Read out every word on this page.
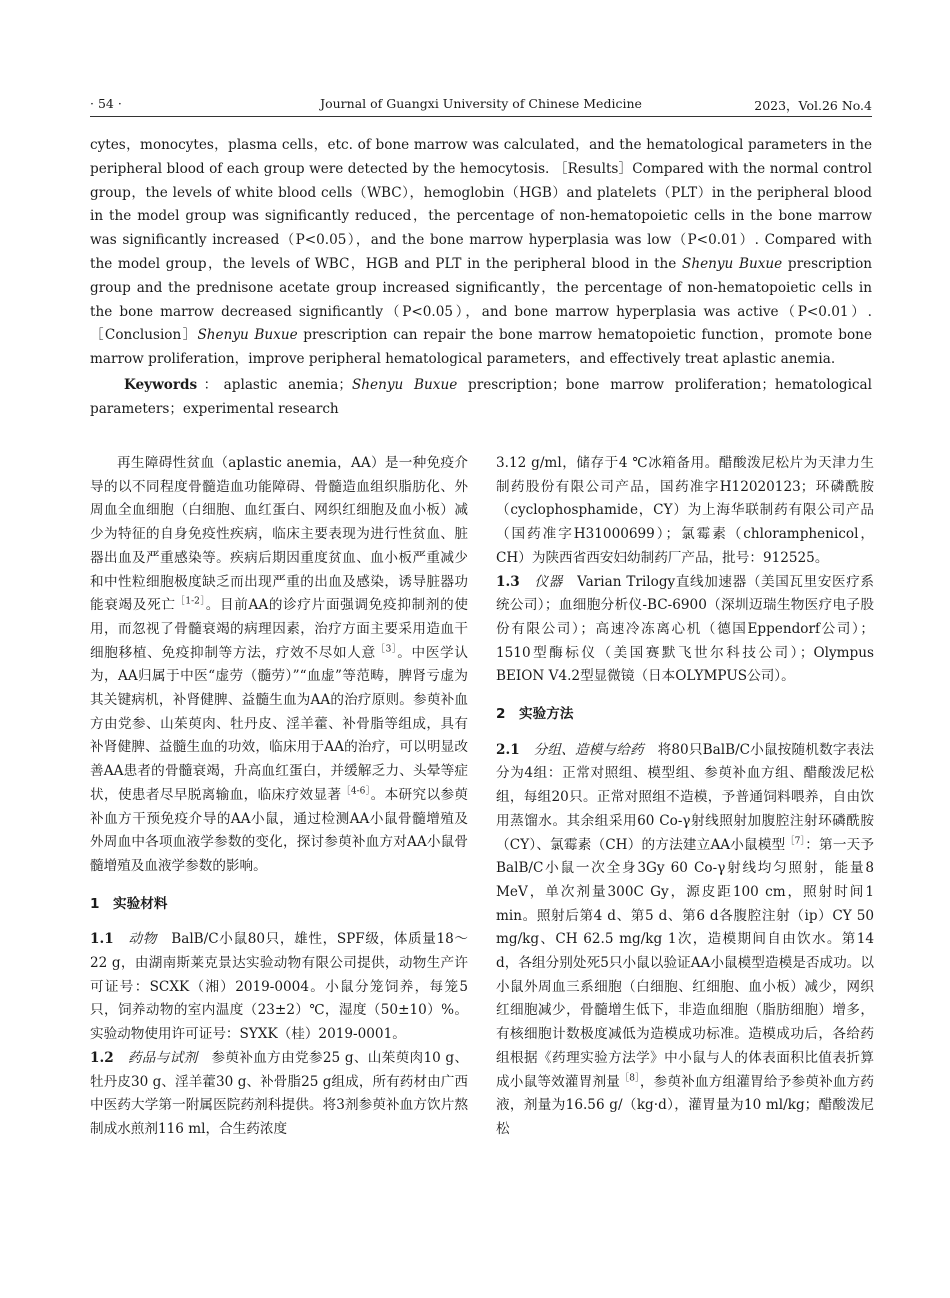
· 54 ·	Journal of Guangxi University of Chinese Medicine	2023，Vol.26 No.4

cytes，monocytes，plasma cells，etc. of bone marrow was calculated，and the hematological parameters in the peripheral blood of each group were detected by the hemocytosis. ［Results］Compared with the normal control group，the levels of white blood cells（WBC），hemoglobin（HGB）and platelets（PLT）in the peripheral blood in the model group was significantly reduced，the percentage of non-hematopoietic cells in the bone marrow was significantly increased（P<0.05），and the bone marrow hyperplasia was low（P<0.01）. Compared with the model group，the levels of WBC，HGB and PLT in the peripheral blood in the Shenyu Buxue prescription group and the prednisone acetate group increased significantly，the percentage of non-hematopoietic cells in the bone marrow decreased significantly（P<0.05），and bone marrow hyperplasia was active（P<0.01）.［Conclusion］Shenyu Buxue prescription can repair the bone marrow hematopoietic function，promote bone marrow proliferation，improve peripheral hematological parameters，and effectively treat aplastic anemia.

Keywords：aplastic anemia；Shenyu Buxue prescription；bone marrow proliferation；hematological parameters；experimental research

再生障碍性贫血（aplastic anemia，AA）是一种免疫介导的以不同程度骨髓造血功能障碍、骨髓造血组织脂肪化、外周血全血细胞（白细胞、血红蛋白、网织红细胞及血小板）减少为特征的自身免疫性疾病，临床主要表现为进行性贫血、脏器出血及严重感染等。疾病后期因重度贫血、血小板严重减少和中性粒细胞极度缺乏而出现严重的出血及感染，诱导脏器功能衰竭及死亡$^{[1-2]}$。目前AA的诊疗片面强调免疫抑制剂的使用，而忽视了骨髓衰竭的病理因素，治疗方面主要采用造血干细胞移植、免疫抑制等方法，疗效不尽如人意$^{[3]}$。中医学认为，AA归属于中医“虚劳（髓劳）”“血虚”等范畴，脾肾亏虚为其关键病机，补肾健脾、益髓生血为AA的治疗原则。参萸补血方由党参、山茱萸肉、牡丹皮、淫羊藿、补骨脂等组成，具有补肾健脾、益髓生血的功效，临床用于AA的治疗，可以明显改善AA患者的骨髓衰竭，升高血红蛋白，并缓解乏力、头晕等症状，使患者尽早脱离输血，临床疗效显著$^{[4-6]}$。本研究以参萸补血方干预免疫介导的AA小鼠，通过检测AA小鼠骨髓增殖及外周血中各项血液学参数的变化，探讨参萸补血方对AA小鼠骨髓增殖及血液学参数的影响。

1　实验材料

1.1　 动物　 BalB/C小鼠80只，雄性，SPF级，体质量18～22 g，由湖南斯莱克景达实验动物有限公司提供，动物生产许可证号：SCXK（湘）2019-0004。小鼠分笼饲养，每笼5只，饲养动物的室内温度（23±2）℃，湿度（50±10）%。实验动物使用许可证号：SYXK（桂）2019-0001。

1.2　 药品与试剂　 参萸补血方由党参25 g、山茱萸肉10 g、牡丹皮30 g、淫羊藿30 g、补骨脂25 g组成，所有药材由广西中医药大学第一附属医院药剂科提供。将3剂参萸补血方饮片熬制成水煎剂116 ml，合生药浓度

3.12 g/ml，储存于4 ℃冰箱备用。醋酸泼尼松片为天津力生制药股份有限公司产品，国药准字H12020123；环磷酰胺（cyclophosphamide，CY）为上海华联制药有限公司产品（国药准字H31000699）；氯霉素（chloramphenicol，CH）为陕西省西安妇幼制药厂产品，批号：912525。

1.3　 仪器　 Varian Trilogy直线加速器（美国瓦里安医疗系统公司）；血细胞分析仪-BC-6900（深圳迈瑞生物医疗电子股份有限公司）；高速冷冻离心机（德国Eppendorf公司）；1510型酶标仪（美国赛默飞世尔科技公司）；Olympus BEION V4.2型显微镜（日本OLYMPUS公司）。

2　实验方法

2.1　 分组、造模与给药　 将80只BalB/C小鼠按随机数字表法分为4组：正常对照组、模型组、参萸补血方组、醋酸泼尼松组，每组20只。正常对照组不造模，予普通饲料喂养，自由饮用蒸馏水。其余组采用60 Co-γ射线照射加腹腔注射环磷酰胺（CY）、氯霉素（CH）的方法建立AA小鼠模型$^{[7]}$：第一天予BalB/C小鼠一次全身3Gy 60 Co-γ射线均匀照射，能量8 MeV，单次剂量300C Gy，源皮距100 cm，照射时间1 min。照射后第4 d、第5 d、第6 d各腹腔注射（ip）CY 50 mg/kg、CH 62.5 mg/kg 1次，造模期间自由饮水。第14 d，各组分别处死5只小鼠以验证AA小鼠模型造模是否成功。以小鼠外周血三系细胞（白细胞、红细胞、血小板）减少，网织红细胞减少，骨髓增生低下，非造血细胞（脂肪细胞）增多，有核细胞计数极度减低为造模成功标准。造模成功后，各给药组根据《药理实验方法学》中小鼠与人的体表面积比值表折算成小鼠等效灌胃剂量$^{[8]}$，参萸补血方组灌胃给予参萸补血方药液，剂量为16.56 g/（kg·d），灌胃量为10 ml/kg；醋酸泼尼松
